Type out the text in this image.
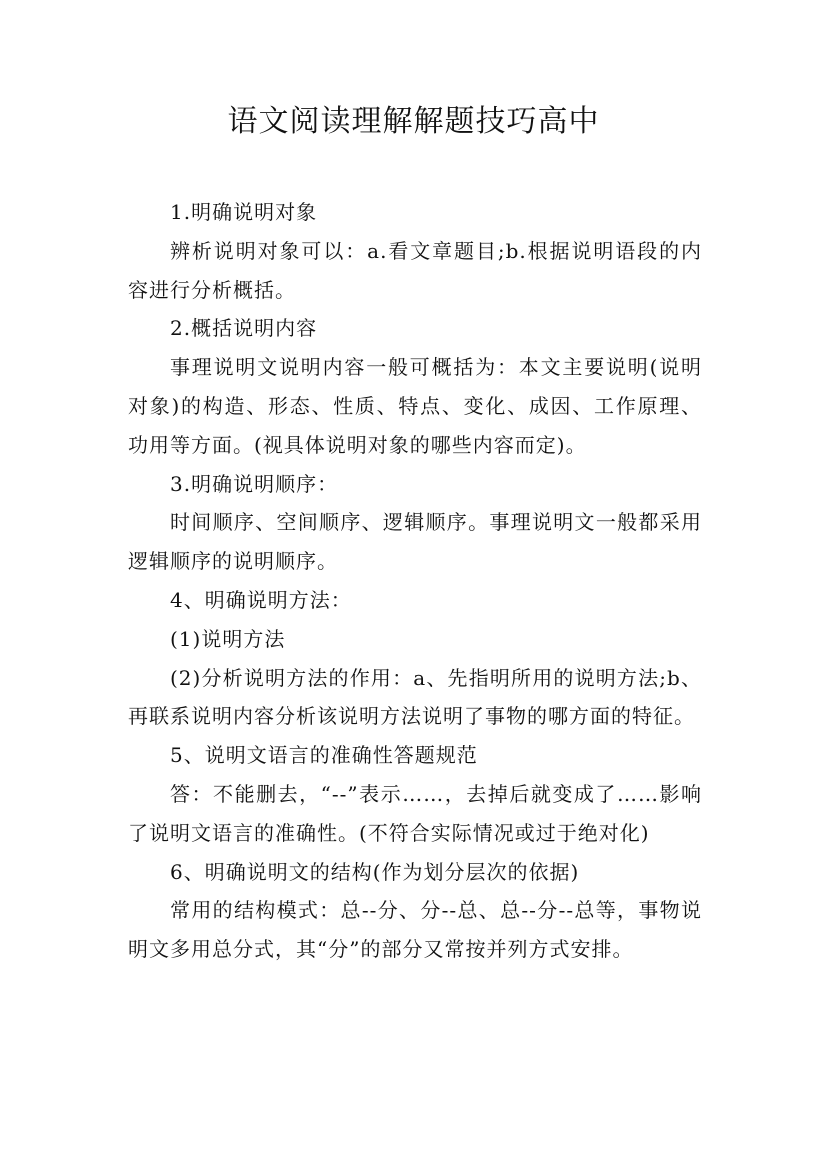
语文阅读理解解题技巧高中

1.明确说明对象

辨析说明对象可以：a.看文章题目;b.根据说明语段的内容进行分析概括。

2.概括说明内容

事理说明文说明内容一般可概括为：本文主要说明(说明对象)的构造、形态、性质、特点、变化、成因、工作原理、功用等方面。(视具体说明对象的哪些内容而定)。

3.明确说明顺序：

时间顺序、空间顺序、逻辑顺序。事理说明文一般都采用逻辑顺序的说明顺序。

4、明确说明方法：

(1)说明方法

(2)分析说明方法的作用：a、先指明所用的说明方法;b、再联系说明内容分析该说明方法说明了事物的哪方面的特征。

5、说明文语言的准确性答题规范

答：不能删去，“--”表示……，去掉后就变成了……影响了说明文语言的准确性。(不符合实际情况或过于绝对化)

6、明确说明文的结构(作为划分层次的依据)

常用的结构模式：总--分、分--总、总--分--总等，事物说明文多用总分式，其“分”的部分又常按并列方式安排。
